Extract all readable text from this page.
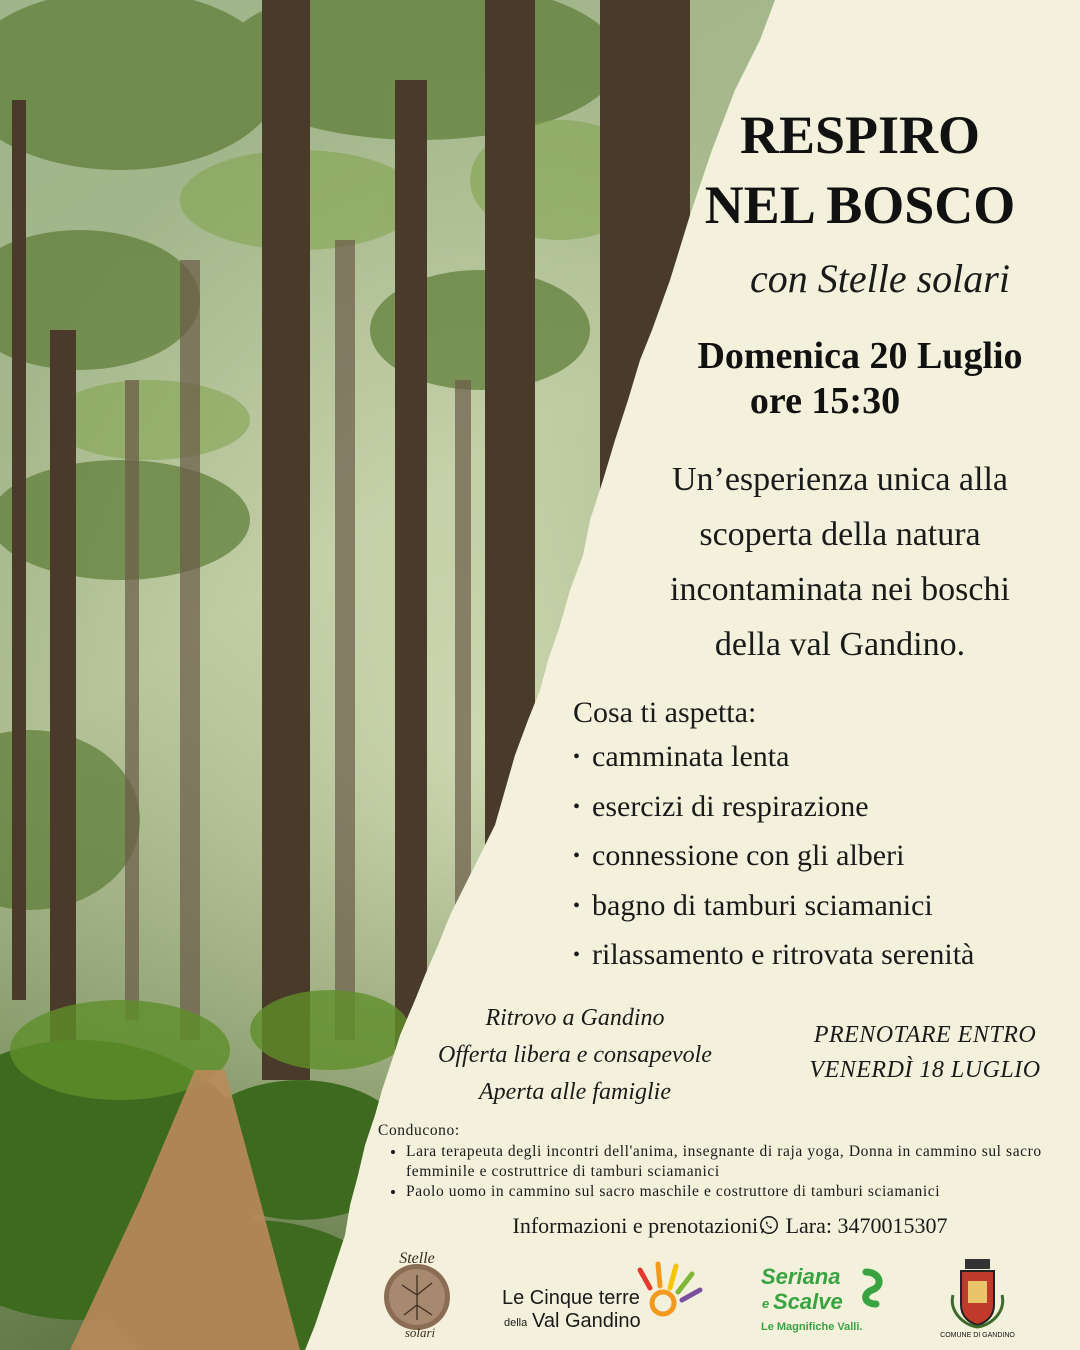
RESPIRO
NEL BOSCO
con Stelle solari
Domenica 20 Luglio
ore 15:30
Un’esperienza unica alla
scoperta della natura
incontaminata nei boschi
della val Gandino.
Cosa ti aspetta:
• camminata lenta
• esercizi di respirazione
• connessione con gli alberi
• bagno di tamburi sciamanici
• rilassamento e ritrovata serenità
Ritrovo a Gandino
Offerta libera e consapevole
Aperta alle famiglie
PRENOTARE ENTRO
VENERDÌ 18 LUGLIO
Conducono:
• Lara terapeuta degli incontri dell'anima, insegnante di raja yoga, Donna in cammino sul sacro femminile e costruttrice di tamburi sciamanici
• Paolo uomo in cammino sul sacro maschile e costruttore di tamburi sciamanici
Informazioni e prenotazioni Lara: 3470015307
Stelle
solari
Le Cinque terre
della Val Gandino
Seriana
e Scalve
Le Magnifiche Valli.
COMUNE DI GANDINO
